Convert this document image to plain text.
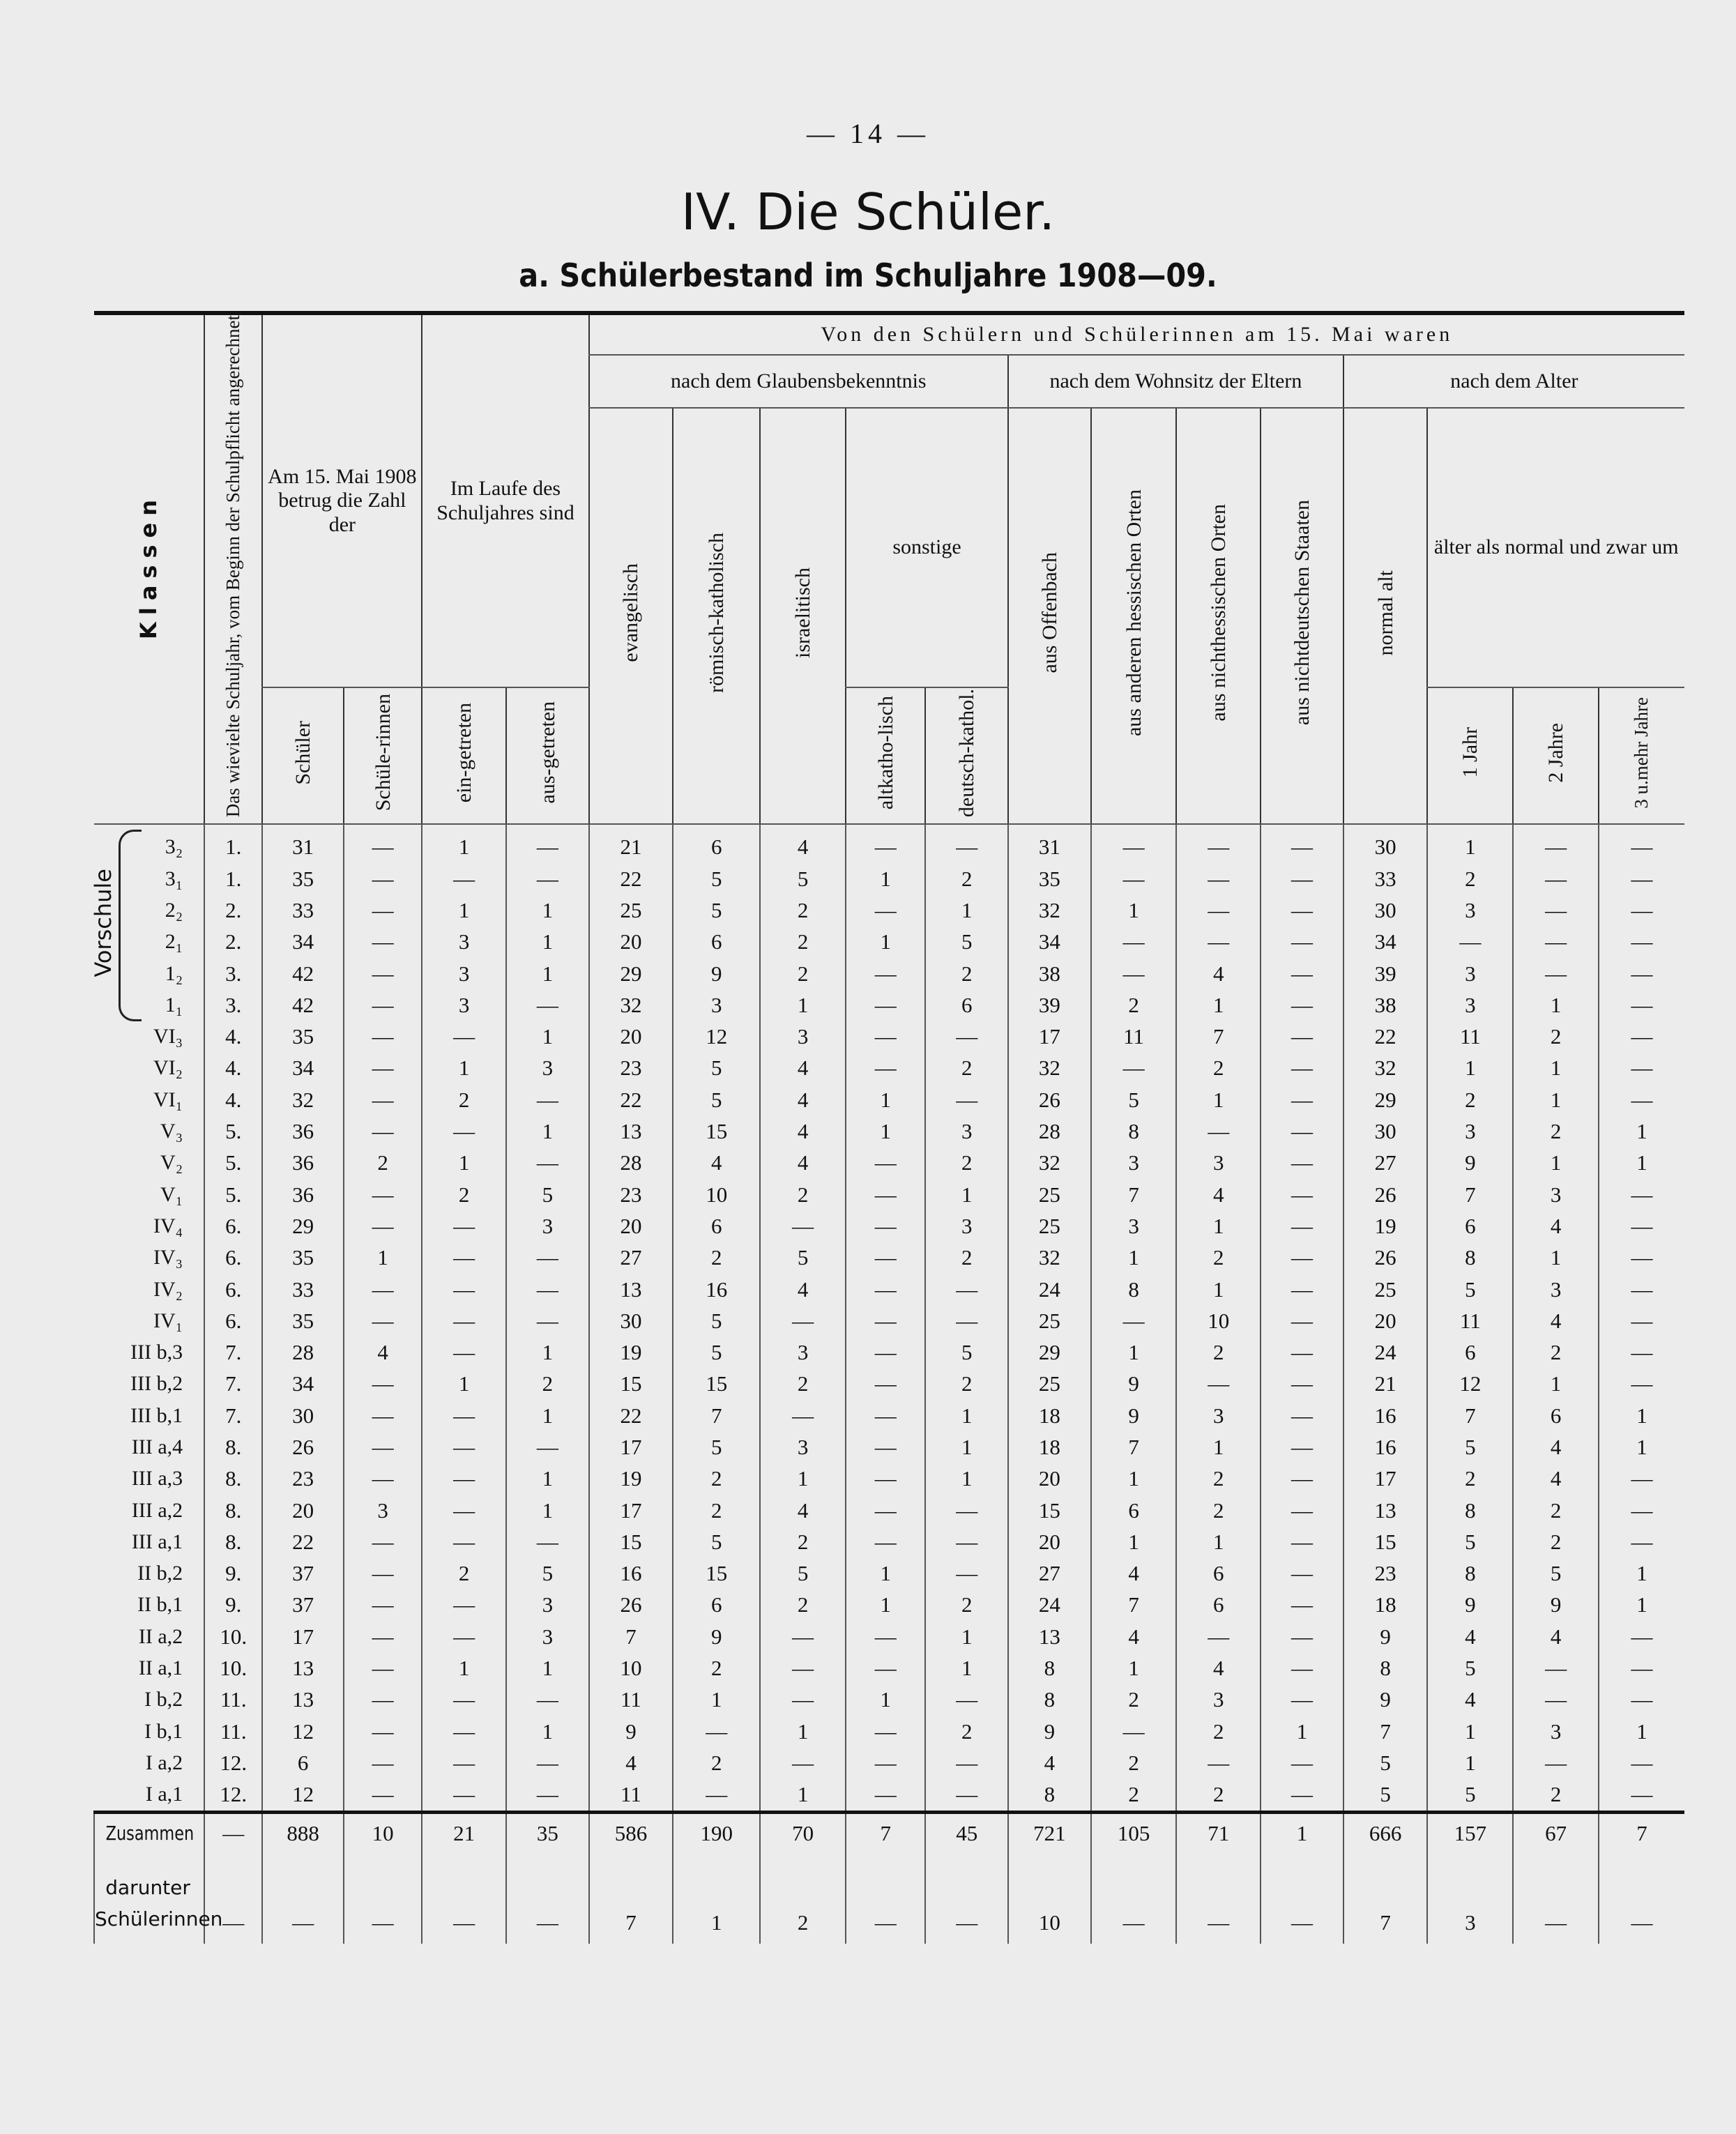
— 14 —
IV. Die Schüler.
a. Schülerbestand im Schuljahre 1908—09.
Klassen	Das wievielte Schuljahr, vom Beginn der Schulpflicht angerechnet	Am 15. Mai 1908 betrug die Zahl der		Im Laufe des Schuljahres sind		Von den Schülern und Schülerinnen am 15. Mai waren												
						nach dem Glaubensbekenntnis					nach dem Wohnsitz der Eltern				nach dem Alter			
						evangelisch	römisch-katholisch	israelitisch	sonstige		aus Offenbach	aus anderen hessischen Orten	aus nichthessischen Orten	aus nichtdeutschen Staaten	normal alt	älter als normal und zwar um		
		Schüler	Schüle-rinnen	ein-getreten	aus-getreten				altkatho-lisch	deutsch-kathol.						1 Jahr	2 Jahre	3 u.mehr Jahre
3₂	1.	31	—	1	—	21	6	4	—	—	31	—	—	—	30	1	—	—
3₁	1.	35	—	—	—	22	5	5	1	2	35	—	—	—	33	2	—	—
2₂	2.	33	—	1	1	25	5	2	—	1	32	1	—	—	30	3	—	—
2₁	2.	34	—	3	1	20	6	2	1	5	34	—	—	—	34	—	—	—
1₂	3.	42	—	3	1	29	9	2	—	2	38	—	4	—	39	3	—	—
1₁	3.	42	—	3	—	32	3	1	—	6	39	2	1	—	38	3	1	—
VI₃	4.	35	—	—	1	20	12	3	—	—	17	11	7	—	22	11	2	—
VI₂	4.	34	—	1	3	23	5	4	—	2	32	—	2	—	32	1	1	—
VI₁	4.	32	—	2	—	22	5	4	1	—	26	5	1	—	29	2	1	—
V₃	5.	36	—	—	1	13	15	4	1	3	28	8	—	—	30	3	2	1
V₂	5.	36	2	1	—	28	4	4	—	2	32	3	3	—	27	9	1	1
V₁	5.	36	—	2	5	23	10	2	—	1	25	7	4	—	26	7	3	—
IV₄	6.	29	—	—	3	20	6	—	—	3	25	3	1	—	19	6	4	—
IV₃	6.	35	1	—	—	27	2	5	—	2	32	1	2	—	26	8	1	—
IV₂	6.	33	—	—	—	13	16	4	—	—	24	8	1	—	25	5	3	—
IV₁	6.	35	—	—	—	30	5	—	—	—	25	—	10	—	20	11	4	—
III b,3	7.	28	4	—	1	19	5	3	—	5	29	1	2	—	24	6	2	—
III b,2	7.	34	—	1	2	15	15	2	—	2	25	9	—	—	21	12	1	—
III b,1	7.	30	—	—	1	22	7	—	—	1	18	9	3	—	16	7	6	1
III a,4	8.	26	—	—	—	17	5	3	—	1	18	7	1	—	16	5	4	1
III a,3	8.	23	—	—	1	19	2	1	—	1	20	1	2	—	17	2	4	—
III a,2	8.	20	3	—	1	17	2	4	—	—	15	6	2	—	13	8	2	—
III a,1	8.	22	—	—	—	15	5	2	—	—	20	1	1	—	15	5	2	—
II b,2	9.	37	—	2	5	16	15	5	1	—	27	4	6	—	23	8	5	1
II b,1	9.	37	—	—	3	26	6	2	1	2	24	7	6	—	18	9	9	1
II a,2	10.	17	—	—	3	7	9	—	—	1	13	4	—	—	9	4	4	—
II a,1	10.	13	—	1	1	10	2	—	—	1	8	1	4	—	8	5	—	—
I b,2	11.	13	—	—	—	11	1	—	1	—	8	2	3	—	9	4	—	—
I b,1	11.	12	—	—	1	9	—	1	—	2	9	—	2	1	7	1	3	1
I a,2	12.	6	—	—	—	4	2	—	—	—	4	2	—	—	5	1	—	—
I a,1	12.	12	—	—	—	11	—	1	—	—	8	2	2	—	5	5	2	—
Zusammen	—	888	10	21	35	586	190	70	7	45	721	105	71	1	666	157	67	7

darunter
Schülerinnen	—	—	—	—	—	7	1	2	—	—	10	—	—	—	7	3	—	—
Vorschule
